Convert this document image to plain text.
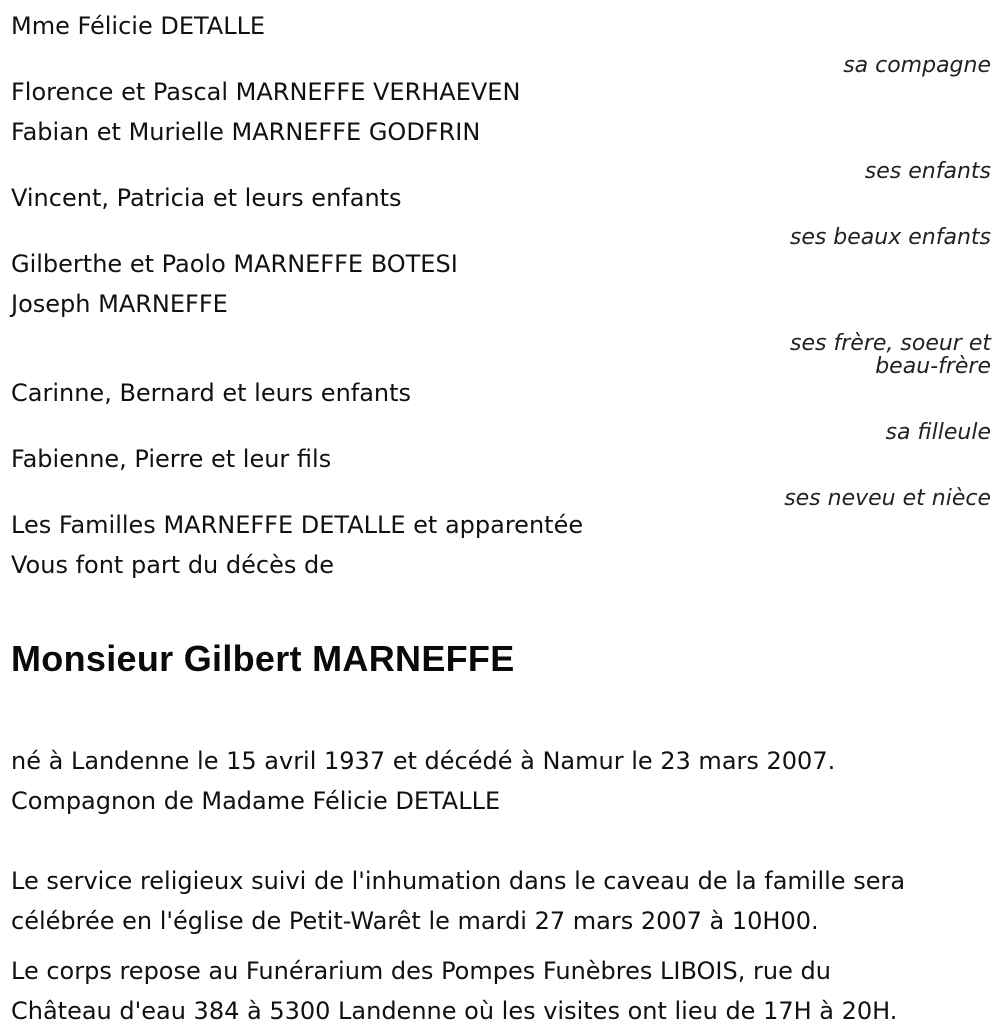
Mme Félicie DETALLE
sa compagne
Florence et Pascal MARNEFFE VERHAEVEN
Fabian et Murielle MARNEFFE GODFRIN
ses enfants
Vincent, Patricia et leurs enfants
ses beaux enfants
Gilberthe et Paolo MARNEFFE BOTESI
Joseph MARNEFFE
ses frère, soeur et
beau-frère
Carinne, Bernard et leurs enfants
sa filleule
Fabienne, Pierre et leur fils
ses neveu et nièce
Les Familles MARNEFFE DETALLE et apparentée
Vous font part du décès de
Monsieur Gilbert MARNEFFE
né à Landenne le 15 avril 1937 et décédé à Namur le 23 mars 2007.
Compagnon de Madame Félicie DETALLE
Le service religieux suivi de l'inhumation dans le caveau de la famille sera
célébrée en l'église de Petit-Warêt le mardi 27 mars 2007 à 10H00.
Le corps repose au Funérarium des Pompes Funèbres LIBOIS, rue du
Château d'eau 384 à 5300 Landenne où les visites ont lieu de 17H à 20H.
